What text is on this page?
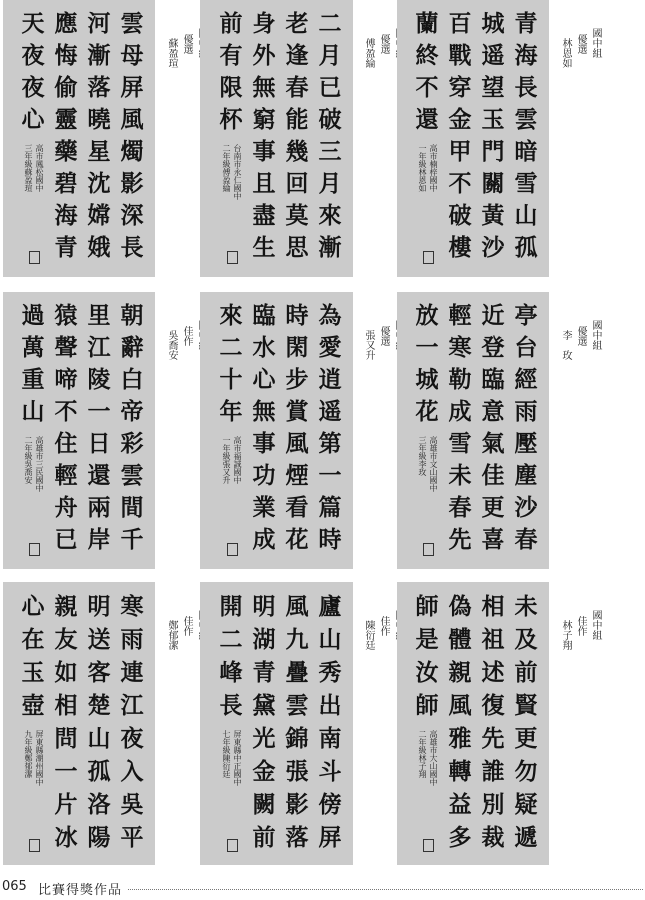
雲
母
屏
風
燭
影
深
長
河
漸
落
曉
星
沈
嫦
娥
應
悔
偷
靈
藥
碧
海
青
天
夜
夜
心
高市鳳松國中
三年級蘇盈瑄
優選
蘇盈瑄
二
月
已
破
三
月
來
漸
老
逢
春
能
幾
回
莫
思
身
外
無
窮
事
且
盡
生
前
有
限
杯
台南市永仁國中
二年級傅盈綸
優選
傅盈綸
青
海
長
雲
暗
雪
山
孤
城
遥
望
玉
門
關
黃
沙
百
戰
穿
金
甲
不
破
樓
蘭
終
不
還
高市楠梓國中
一年級林恩如
國中組
優選
林恩如
朝
辭
白
帝
彩
雲
間
千
里
江
陵
一
日
還
兩
岸
猿
聲
啼
不
住
輕
舟
已
過
萬
重
山
高雄市三民國中
二年級吳喬安
佳作
吳喬安
為
愛
逍
遥
第
一
篇
時
時
閑
步
賞
風
煙
看
花
臨
水
心
無
事
功
業
成
來
二
十
年
高市福誠國中
一年級張又升
優選
張又升
亭
台
經
雨
壓
塵
沙
春
近
登
臨
意
氣
佳
更
喜
輕
寒
勒
成
雪
未
春
先
放
一
城
花
高雄市文山國中
三年級李玫
國中組
優選
李　玫
寒
雨
連
江
夜
入
吳
平
明
送
客
楚
山
孤
洛
陽
親
友
如
相
問
一
片
冰
心
在
玉
壺
屏東縣潮州國中
九年級鄭郁潔
佳作
鄭郁潔
廬
山
秀
出
南
斗
傍
屏
風
九
疊
雲
錦
張
影
落
明
湖
青
黛
光
金
闕
前
開
二
峰
長
屏東縣中正國中
七年級陳衍廷
佳作
陳衍廷
未
及
前
賢
更
勿
疑
遞
相
祖
述
復
先
誰
別
裁
偽
體
親
風
雅
轉
益
多
師
是
汝
師
高雄市大山國中
二年級林子翔
國中組
佳作
林子翔
065 比賽得獎作品
